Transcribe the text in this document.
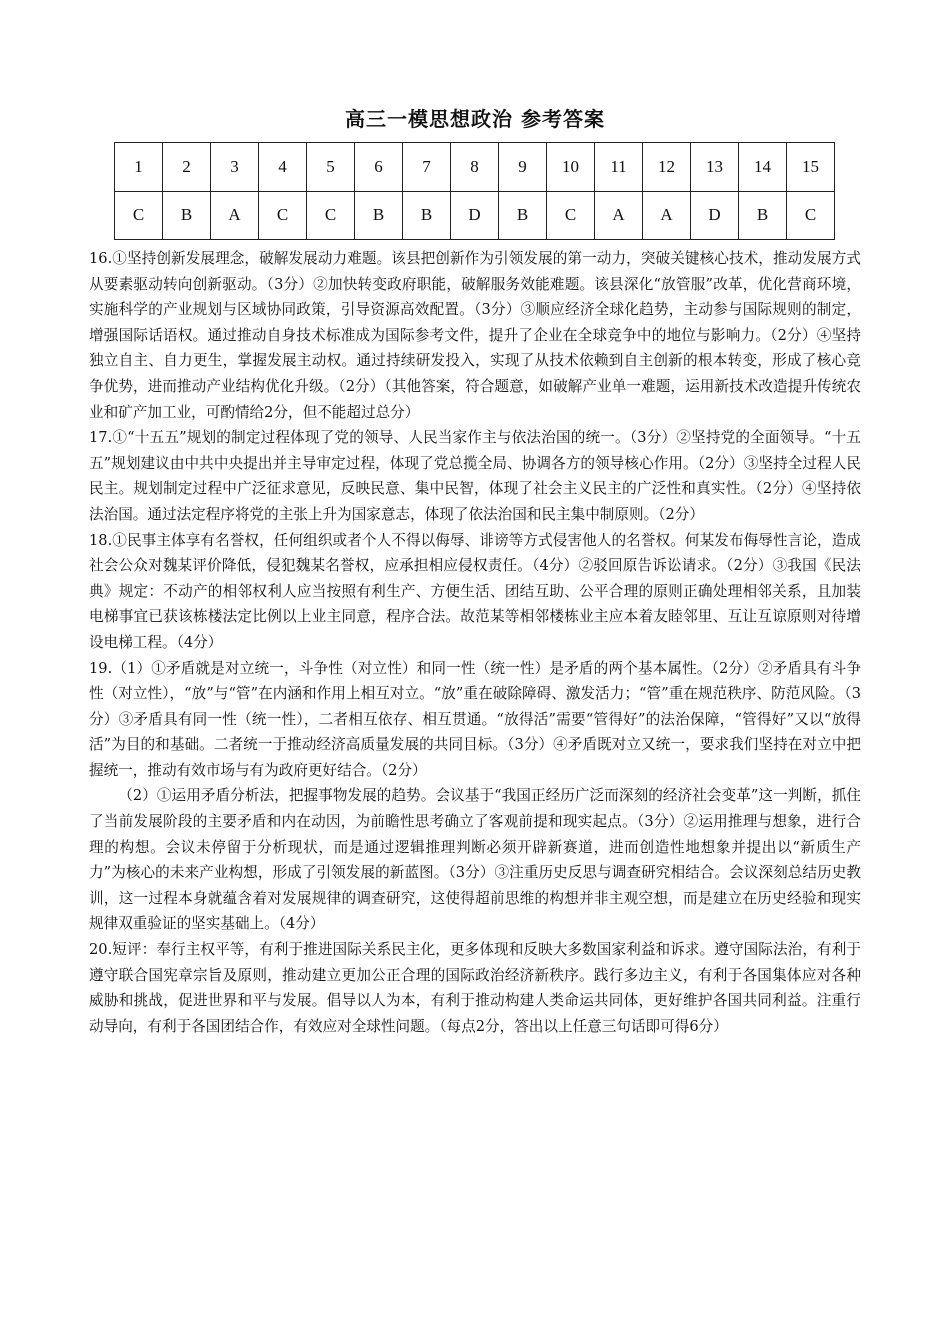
高三一模思想政治 参考答案
1	2	3	4	5	6	7	8	9	10	11	12	13	14	15
C	B	A	C	C	B	B	D	B	C	A	A	D	B	C

16.①坚持创新发展理念，破解发展动力难题。该县把创新作为引领发展的第一动力，突破关键核心技术，推动发展方式从要素驱动转向创新驱动。（3分）②加快转变政府职能，破解服务效能难题。该县深化“放管服”改革，优化营商环境，实施科学的产业规划与区域协同政策，引导资源高效配置。（3分）③顺应经济全球化趋势，主动参与国际规则的制定，增强国际话语权。通过推动自身技术标准成为国际参考文件，提升了企业在全球竞争中的地位与影响力。（2分）④坚持独立自主、自力更生，掌握发展主动权。通过持续研发投入，实现了从技术依赖到自主创新的根本转变，形成了核心竞争优势，进而推动产业结构优化升级。（2分）（其他答案，符合题意，如破解产业单一难题，运用新技术改造提升传统农业和矿产加工业，可酌情给2分，但不能超过总分）

17.①“十五五”规划的制定过程体现了党的领导、人民当家作主与依法治国的统一。（3分）②坚持党的全面领导。“十五五”规划建议由中共中央提出并主导审定过程，体现了党总揽全局、协调各方的领导核心作用。（2分）③坚持全过程人民民主。规划制定过程中广泛征求意见，反映民意、集中民智，体现了社会主义民主的广泛性和真实性。（2分）④坚持依法治国。通过法定程序将党的主张上升为国家意志，体现了依法治国和民主集中制原则。（2分）

18.①民事主体享有名誉权，任何组织或者个人不得以侮辱、诽谤等方式侵害他人的名誉权。何某发布侮辱性言论，造成社会公众对魏某评价降低，侵犯魏某名誉权，应承担相应侵权责任。（4分）②驳回原告诉讼请求。（2分）③我国《民法典》规定：不动产的相邻权利人应当按照有利生产、方便生活、团结互助、公平合理的原则正确处理相邻关系，且加装电梯事宜已获该栋楼法定比例以上业主同意，程序合法。故范某等相邻楼栋业主应本着友睦邻里、互让互谅原则对待增设电梯工程。（4分）

19.（1）①矛盾就是对立统一，斗争性（对立性）和同一性（统一性）是矛盾的两个基本属性。（2分）②矛盾具有斗争性（对立性），“放”与“管”在内涵和作用上相互对立。“放”重在破除障碍、激发活力；“管”重在规范秩序、防范风险。（3分）③矛盾具有同一性（统一性），二者相互依存、相互贯通。“放得活”需要“管得好”的法治保障，“管得好”又以“放得活”为目的和基础。二者统一于推动经济高质量发展的共同目标。（3分）④矛盾既对立又统一，要求我们坚持在对立中把握统一，推动有效市场与有为政府更好结合。（2分）

（2）①运用矛盾分析法，把握事物发展的趋势。会议基于“我国正经历广泛而深刻的经济社会变革”这一判断，抓住了当前发展阶段的主要矛盾和内在动因，为前瞻性思考确立了客观前提和现实起点。（3分）②运用推理与想象，进行合理的构想。会议未停留于分析现状，而是通过逻辑推理判断必须开辟新赛道，进而创造性地想象并提出以“新质生产力”为核心的未来产业构想，形成了引领发展的新蓝图。（3分）③注重历史反思与调查研究相结合。会议深刻总结历史教训，这一过程本身就蕴含着对发展规律的调查研究，这使得超前思维的构想并非主观空想，而是建立在历史经验和现实规律双重验证的坚实基础上。（4分）

20.短评：奉行主权平等，有利于推进国际关系民主化，更多体现和反映大多数国家利益和诉求。遵守国际法治，有利于遵守联合国宪章宗旨及原则，推动建立更加公正合理的国际政治经济新秩序。践行多边主义，有利于各国集体应对各种威胁和挑战，促进世界和平与发展。倡导以人为本，有利于推动构建人类命运共同体，更好维护各国共同利益。注重行动导向，有利于各国团结合作，有效应对全球性问题。（每点2分，答出以上任意三句话即可得6分）
